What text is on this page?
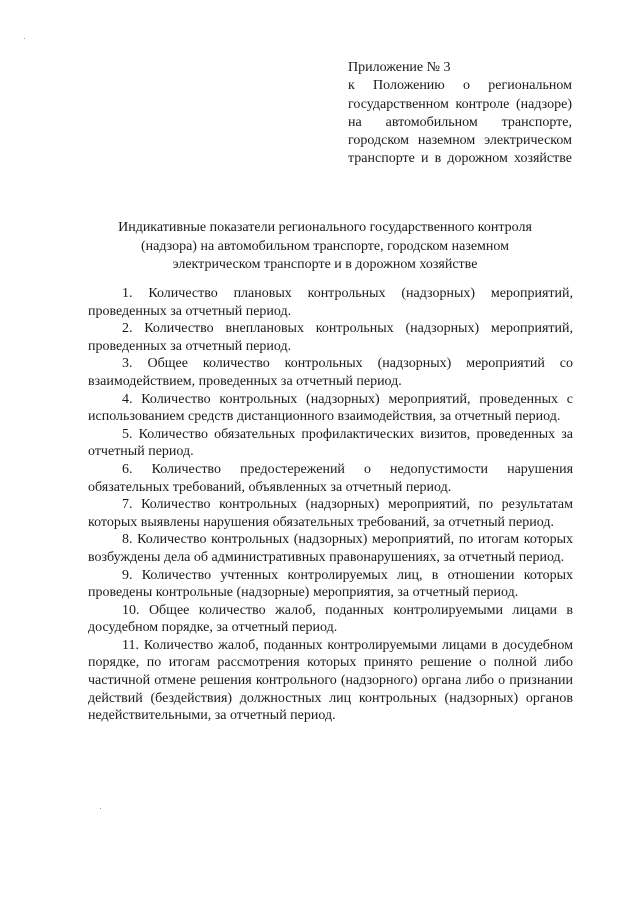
Приложение № 3
к Положению о региональном государственном контроле (надзоре) на автомобильном транспорте, городском наземном электрическом транспорте и в дорожном хозяйстве
Индикативные показатели регионального государственного контроля
(надзора) на автомобильном транспорте, городском наземном
электрическом транспорте и в дорожном хозяйстве

1. Количество плановых контрольных (надзорных) мероприятий, проведенных за отчетный период.

2. Количество внеплановых контрольных (надзорных) мероприятий, проведенных за отчетный период.

3. Общее количество контрольных (надзорных) мероприятий со взаимодействием, проведенных за отчетный период.

4. Количество контрольных (надзорных) мероприятий, проведенных с использованием средств дистанционного взаимодействия, за отчетный период.

5. Количество обязательных профилактических визитов, проведенных за отчетный период.

6. Количество предостережений о недопустимости нарушения обязательных требований, объявленных за отчетный период.

7. Количество контрольных (надзорных) мероприятий, по результатам которых выявлены нарушения обязательных требований, за отчетный период.

8. Количество контрольных (надзорных) мероприятий, по итогам которых возбуждены дела об административных правонарушениях, за отчетный период.

9. Количество учтенных контролируемых лиц, в отношении которых проведены контрольные (надзорные) мероприятия, за отчетный период.

10. Общее количество жалоб, поданных контролируемыми лицами в досудебном порядке, за отчетный период.

11. Количество жалоб, поданных контролируемыми лицами в досудебном порядке, по итогам рассмотрения которых принято решение о полной либо частичной отмене решения контрольного (надзорного) органа либо о признании действий (бездействия) должностных лиц контрольных (надзорных) органов недействительными, за отчетный период.
